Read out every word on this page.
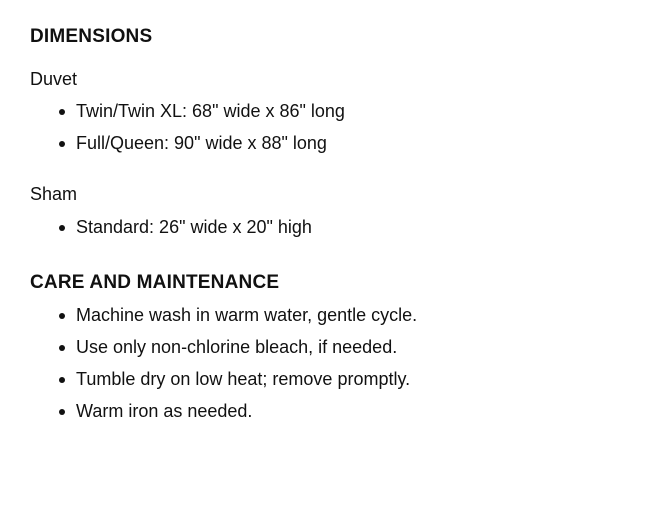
DIMENSIONS
Duvet
Twin/Twin XL: 68" wide x 86" long
Full/Queen: 90" wide x 88" long
Sham
Standard: 26" wide x 20" high
CARE AND MAINTENANCE
Machine wash in warm water, gentle cycle.
Use only non-chlorine bleach, if needed.
Tumble dry on low heat; remove promptly.
Warm iron as needed.
